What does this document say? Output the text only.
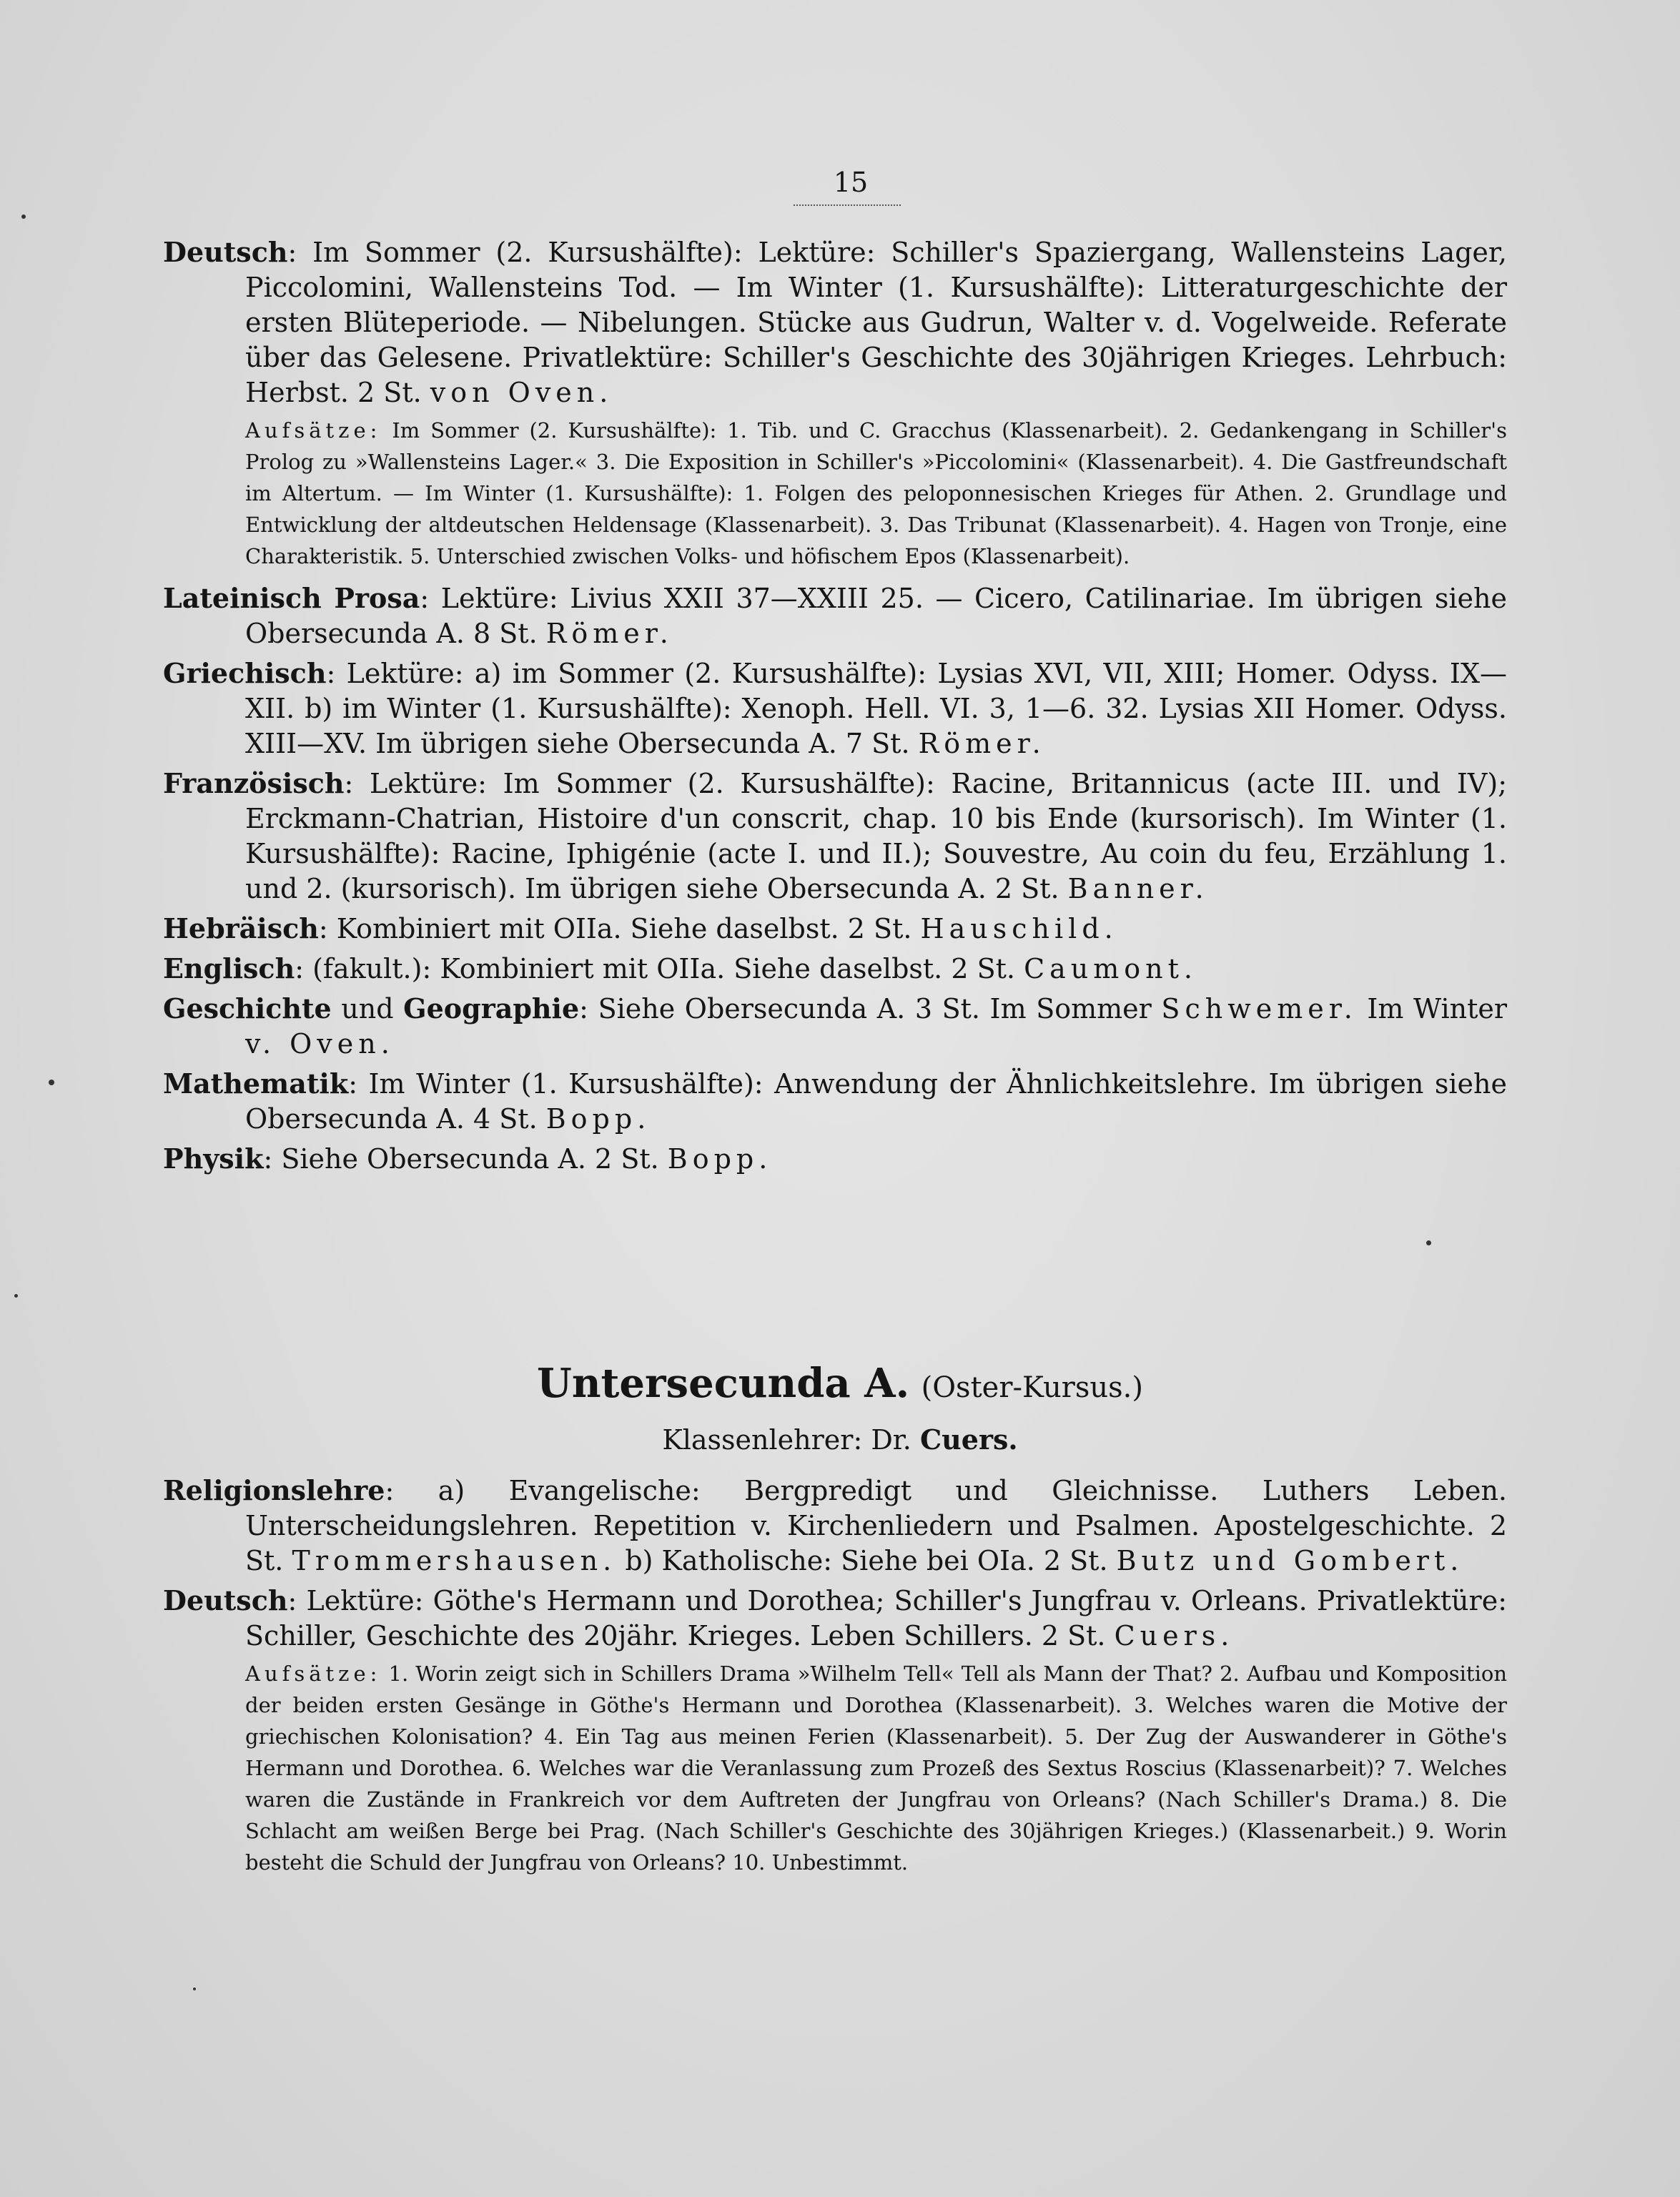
15

Deutsch: Im Sommer (2. Kursushälfte): Lektüre: Schiller's Spaziergang, Wallensteins Lager, Piccolomini, Wallensteins Tod. — Im Winter (1. Kursushälfte): Litteraturgeschichte der ersten Blüteperiode. — Nibelungen. Stücke aus Gudrun, Walter v. d. Vogelweide. Referate über das Gelesene. Privatlektüre: Schiller's Geschichte des 30jährigen Krieges. Lehrbuch: Herbst. 2 St. von Oven.

Aufsätze: Im Sommer (2. Kursushälfte): 1. Tib. und C. Gracchus (Klassenarbeit). 2. Gedankengang in Schiller's Prolog zu »Wallensteins Lager.« 3. Die Exposition in Schiller's »Piccolomini« (Klassenarbeit). 4. Die Gastfreundschaft im Altertum. — Im Winter (1. Kursushälfte): 1. Folgen des peloponnesischen Krieges für Athen. 2. Grundlage und Entwicklung der altdeutschen Heldensage (Klassenarbeit). 3. Das Tribunat (Klassenarbeit). 4. Hagen von Tronje, eine Charakteristik. 5. Unterschied zwischen Volks- und höfischem Epos (Klassenarbeit).

Lateinisch Prosa: Lektüre: Livius XXII 37—XXIII 25. — Cicero, Catilinariae. Im übrigen siehe Obersecunda A. 8 St. Römer.

Griechisch: Lektüre: a) im Sommer (2. Kursushälfte): Lysias XVI, VII, XIII; Homer. Odyss. IX—XII. b) im Winter (1. Kursushälfte): Xenoph. Hell. VI. 3, 1—6. 32. Lysias XII Homer. Odyss. XIII—XV. Im übrigen siehe Obersecunda A. 7 St. Römer.

Französisch: Lektüre: Im Sommer (2. Kursushälfte): Racine, Britannicus (acte III. und IV); Erckmann-Chatrian, Histoire d'un conscrit, chap. 10 bis Ende (kursorisch). Im Winter (1. Kursushälfte): Racine, Iphigénie (acte I. und II.); Souvestre, Au coin du feu, Erzählung 1. und 2. (kursorisch). Im übrigen siehe Obersecunda A. 2 St. Banner.

Hebräisch: Kombiniert mit OIIa. Siehe daselbst. 2 St. Hauschild.

Englisch: (fakult.): Kombiniert mit OIIa. Siehe daselbst. 2 St. Caumont.

Geschichte und Geographie: Siehe Obersecunda A. 3 St. Im Sommer Schwemer. Im Winter v. Oven.

Mathematik: Im Winter (1. Kursushälfte): Anwendung der Ähnlichkeitslehre. Im übrigen siehe Obersecunda A. 4 St. Bopp.

Physik: Siehe Obersecunda A. 2 St. Bopp.

Untersecunda A. (Oster-Kursus.)
Klassenlehrer: Dr. Cuers.

Religionslehre: a) Evangelische: Bergpredigt und Gleichnisse. Luthers Leben. Unterscheidungslehren. Repetition v. Kirchenliedern und Psalmen. Apostelgeschichte. 2 St. Trommershausen. b) Katholische: Siehe bei OIa. 2 St. Butz und Gombert.

Deutsch: Lektüre: Göthe's Hermann und Dorothea; Schiller's Jungfrau v. Orleans. Privatlektüre: Schiller, Geschichte des 20jähr. Krieges. Leben Schillers. 2 St. Cuers.

Aufsätze: 1. Worin zeigt sich in Schillers Drama »Wilhelm Tell« Tell als Mann der That? 2. Aufbau und Komposition der beiden ersten Gesänge in Göthe's Hermann und Dorothea (Klassenarbeit). 3. Welches waren die Motive der griechischen Kolonisation? 4. Ein Tag aus meinen Ferien (Klassenarbeit). 5. Der Zug der Auswanderer in Göthe's Hermann und Dorothea. 6. Welches war die Veranlassung zum Prozeß des Sextus Roscius (Klassenarbeit)? 7. Welches waren die Zustände in Frankreich vor dem Auftreten der Jungfrau von Orleans? (Nach Schiller's Drama.) 8. Die Schlacht am weißen Berge bei Prag. (Nach Schiller's Geschichte des 30jährigen Krieges.) (Klassenarbeit.) 9. Worin besteht die Schuld der Jungfrau von Orleans? 10. Unbestimmt.
